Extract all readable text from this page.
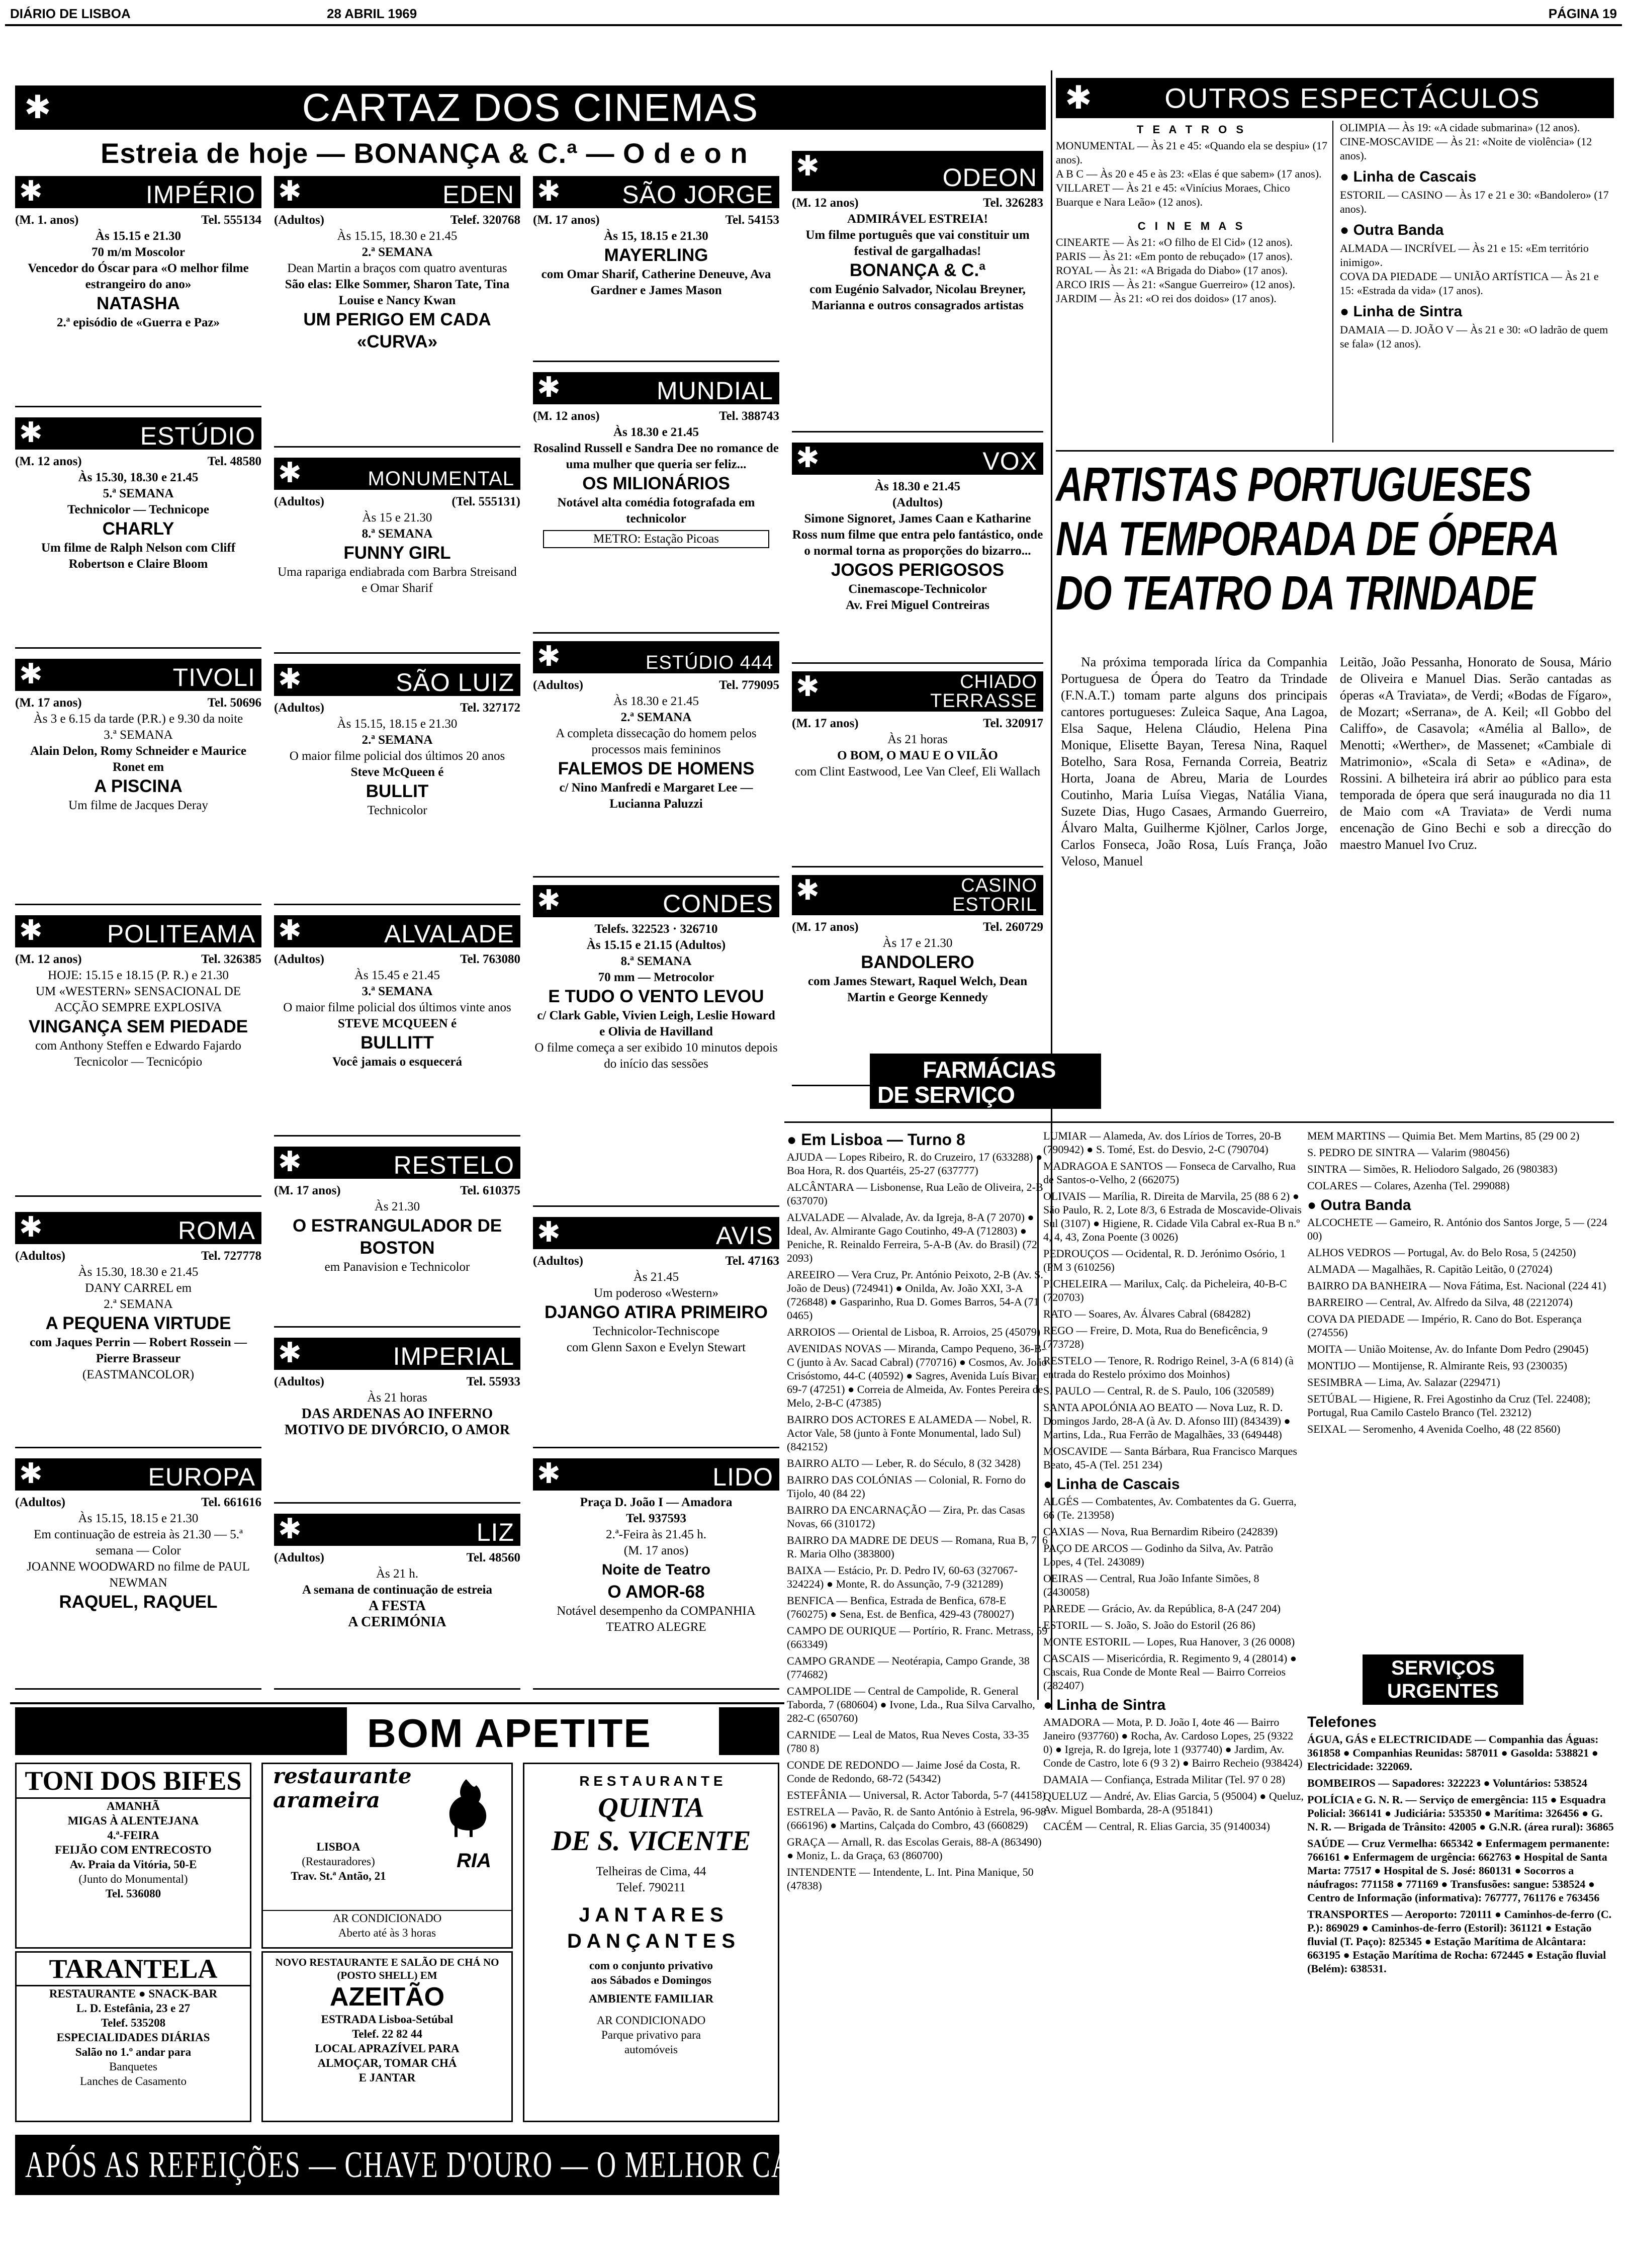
DIÁRIO DE LISBOA	28 ABRIL 1969	PÁGINA 19
✱	CARTAZ DOS CINEMAS
Estreia de hoje — BONANÇA & C.ª — O d e o n
✱	IMPÉRIO
(M. 1. anos)	Tel. 555134
Às 15.15 e 21.30
70 m/m Moscolor
Vencedor do Óscar para «O melhor filme estrangeiro do ano»
NATASHA
2.ª episódio de «Guerra e Paz»
✱	ESTÚDIO
(M. 12 anos)	Tel. 48580
Às 15.30, 18.30 e 21.45
5.ª SEMANA
Technicolor — Technicope
CHARLY
Um filme de Ralph Nelson com Cliff Robertson e Claire Bloom
✱	TIVOLI
(M. 17 anos)	Tel. 50696
Às 3 e 6.15 da tarde (P.R.) e 9.30 da noite
3.ª SEMANA
Alain Delon, Romy Schneider e Maurice Ronet em
A PISCINA
Um filme de Jacques Deray
✱	POLITEAMA
(M. 12 anos)	Tel. 326385
HOJE: 15.15 e 18.15 (P. R.) e 21.30
UM «WESTERN» SENSACIONAL DE ACÇÃO SEMPRE EXPLOSIVA
VINGANÇA SEM PIEDADE
com Anthony Steffen e Edwardo Fajardo
Tecnicolor — Tecnicópio
✱	ROMA
(Adultos)	Tel. 727778
Às 15.30, 18.30 e 21.45
DANY CARREL em
2.ª SEMANA
A PEQUENA VIRTUDE
com Jaques Perrin — Robert Rossein — Pierre Brasseur
(EASTMANCOLOR)
✱	EUROPA
(Adultos)	Tel. 661616
Às 15.15, 18.15 e 21.30
Em continuação de estreia às 21.30 — 5.ª semana — Color
JOANNE WOODWARD no filme de PAUL NEWMAN
RAQUEL, RAQUEL
✱	EDEN
(Adultos)	Telef. 320768
Às 15.15, 18.30 e 21.45
2.ª SEMANA
Dean Martin a braços com quatro aventuras
São elas: Elke Sommer, Sharon Tate, Tina Louise e Nancy Kwan
UM PERIGO EM CADA «CURVA»
✱	MONUMENTAL
(Adultos)	(Tel. 555131)
Às 15 e 21.30
8.ª SEMANA
FUNNY GIRL
Uma rapariga endiabrada com Barbra Streisand e Omar Sharif
✱	SÃO LUIZ
(Adultos)	Tel. 327172
Às 15.15, 18.15 e 21.30
2.ª SEMANA
O maior filme policial dos últimos 20 anos
Steve McQueen é
BULLIT
Technicolor
✱	ALVALADE
(Adultos)	Tel. 763080
Às 15.45 e 21.45
3.ª SEMANA
O maior filme policial dos últimos vinte anos
STEVE MCQUEEN é
BULLITT
Você jamais o esquecerá
✱	RESTELO
(M. 17 anos)	Tel. 610375
Às 21.30
O ESTRANGULADOR DE BOSTON
em Panavision e Technicolor
✱	IMPERIAL
(Adultos)	Tel. 55933
Às 21 horas
DAS ARDENAS AO INFERNO
MOTIVO DE DIVÓRCIO, O AMOR
✱	LIZ
(Adultos)	Tel. 48560
Às 21 h.
A semana de continuação de estreia
A FESTA
A CERIMÓNIA
✱ SÃO JORGE
(M. 17 anos)	Tel. 54153
Às 15, 18.15 e 21.30
MAYERLING
com Omar Sharif, Catherine Deneuve, Ava Gardner e James Mason
✱	MUNDIAL
(M. 12 anos)	Tel. 388743
Às 18.30 e 21.45
Rosalind Russell e Sandra Dee no romance de uma mulher que queria ser feliz...
OS MILIONÁRIOS
Notável alta comédia fotografada em technicolor
METRO: Estação Picoas
✱	ESTÚDIO 444
(Adultos)	Tel. 779095
Às 18.30 e 21.45
2.ª SEMANA
A completa dissecação do homem pelos processos mais femininos
FALEMOS DE HOMENS
c/ Nino Manfredi e Margaret Lee — Lucianna Paluzzi
✱	CONDES
Telefs. 322523 · 326710
Às 15.15 e 21.15 (Adultos)
8.ª SEMANA
70 mm — Metrocolor
E TUDO O VENTO LEVOU
c/ Clark Gable, Vivien Leigh, Leslie Howard e Olivia de Havilland
O filme começa a ser exibido 10 minutos depois do início das sessões
✱	AVIS
(Adultos)	Tel. 47163
Às 21.45
Um poderoso «Western»
DJANGO ATIRA PRIMEIRO
Technicolor-Techniscope
com Glenn Saxon e Evelyn Stewart
✱	LIDO
Praça D. João I — Amadora
Tel. 937593
2.ª-Feira às 21.45 h.
(M. 17 anos)
Noite de Teatro
O AMOR-68
Notável desempenho da COMPANHIA TEATRO ALEGRE
✱	ODEON
(M. 12 anos)	Tel. 326283
ADMIRÁVEL ESTREIA!
Um filme português que vai constituir um festival de gargalhadas!
BONANÇA & C.ª
com Eugénio Salvador, Nicolau Breyner, Marianna e outros consagrados artistas
✱	VOX
Às 18.30 e 21.45
(Adultos)
Simone Signoret, James Caan e Katharine Ross num filme que entra pelo fantástico, onde o normal torna as proporções do bizarro...
JOGOS PERIGOSOS
Cinemascope-Technicolor
Av. Frei Miguel Contreiras
✱	CHIADO TERRASSE
(M. 17 anos)	Tel. 320917
Às 21 horas
O BOM, O MAU E O VILÃO
com Clint Eastwood, Lee Van Cleef, Eli Wallach
✱	CASINO ESTORIL
(M. 17 anos)	Tel. 260729
Às 17 e 21.30
BANDOLERO
com James Stewart, Raquel Welch, Dean Martin e George Kennedy
✱	OUTROS ESPECTÁCULOS
T E A T R O S

MONUMENTAL — Às 21 e 45: «Quando ela se despiu» (17 anos).

A B C — Às 20 e 45 e às 23: «Elas é que sabem» (17 anos).

VILLARET — Às 21 e 45: «Vinícius Moraes, Chico Buarque e Nara Leão» (12 anos).

C I N E M A S

CINEARTE — Às 21: «O filho de El Cid» (12 anos).

PARIS — Às 21: «Em ponto de rebuçado» (17 anos).

ROYAL — Às 21: «A Brigada do Diabo» (17 anos).

ARCO IRIS — Às 21: «Sangue Guerreiro» (12 anos).

JARDIM — Às 21: «O rei dos doidos» (17 anos).

OLIMPIA — Às 19: «A cidade submarina» (12 anos).

CINE-MOSCAVIDE — Às 21: «Noite de violência» (12 anos).

● Linha de Cascais

ESTORIL — CASINO — Às 17 e 21 e 30: «Bandolero» (17 anos).

● Outra Banda

ALMADA — INCRÍVEL — Às 21 e 15: «Em território inimigo».

COVA DA PIEDADE — UNIÃO ARTÍSTICA — Às 21 e 15: «Estrada da vida» (17 anos).

● Linha de Sintra

DAMAIA — D. JOÃO V — Às 21 e 30: «O ladrão de quem se fala» (12 anos).

ARTISTAS PORTUGUESES
NA TEMPORADA DE ÓPERA
DO TEATRO DA TRINDADE
Na próxima temporada lírica da Companhia Portuguesa de Ópera do Teatro da Trindade (F.N.A.T.) tomam parte alguns dos principais cantores portugueses: Zuleica Saque, Ana Lagoa, Elsa Saque, Helena Cláudio, Helena Pina Monique, Elisette Bayan, Teresa Nina, Raquel Botelho, Sara Rosa, Fernanda Correia, Beatriz Horta, Joana de Abreu, Maria de Lourdes Coutinho, Maria Luísa Viegas, Natália Viana, Suzete Dias, Hugo Casaes, Armando Guerreiro, Álvaro Malta, Guilherme Kjölner, Carlos Jorge, Carlos Fonseca, João Rosa, Luís França, João Veloso, Manuel
Leitão, João Pessanha, Honorato de Sousa, Mário de Oliveira e Manuel Dias. Serão cantadas as óperas «A Traviata», de Verdi; «Bodas de Fígaro», de Mozart; «Serrana», de A. Keil; «Il Gobbo del Califfo», de Casavola; «Amélia al Ballo», de Menotti; «Werther», de Massenet; «Cambiale di Matrimonio», «Scala di Seta» e «Adina», de Rossini. A bilheteira irá abrir ao público para esta temporada de ópera que será inaugurada no dia 11 de Maio com «A Traviata» de Verdi numa encenação de Gino Bechi e sob a direcção do maestro Manuel Ivo Cruz.
FARMÁCIAS
DE SERVIÇO
● Em Lisboa — Turno 8

AJUDA — Lopes Ribeiro, R. do Cruzeiro, 17 (633288) ● Boa Hora, R. dos Quartéis, 25-27 (637777)

ALCÂNTARA — Lisbonense, Rua Leão de Oliveira, 2-B (637070)

ALVALADE — Alvalade, Av. da Igreja, 8-A (7 2070) ● Ideal, Av. Almirante Gago Coutinho, 49-A (712803) ● Peniche, R. Reinaldo Ferreira, 5-A-B (Av. do Brasil) (72 2093)

AREEIRO — Vera Cruz, Pr. António Peixoto, 2-B (Av. S. João de Deus) (724941) ● Onilda, Av. João XXI, 3-A (726848) ● Gasparinho, Rua D. Gomes Barros, 54-A (71 0465)

ARROIOS — Oriental de Lisboa, R. Arroios, 25 (45079)

AVENIDAS NOVAS — Miranda, Campo Pequeno, 36-B-C (junto à Av. Sacad Cabral) (770716) ● Cosmos, Av. João Crisóstomo, 44-C (40592) ● Sagres, Avenida Luís Bivar, 69-7 (47251) ● Correia de Almeida, Av. Fontes Pereira de Melo, 2-B-C (47385)

BAIRRO DOS ACTORES E ALAMEDA — Nobel, R. Actor Vale, 58 (junto à Fonte Monumental, lado Sul) (842152)

BAIRRO ALTO — Leber, R. do Século, 8 (32 3428)

BAIRRO DAS COLÓNIAS — Colonial, R. Forno do Tijolo, 40 (84 22)

BAIRRO DA ENCARNAÇÃO — Zira, Pr. das Casas Novas, 66 (310172)

BAIRRO DA MADRE DE DEUS — Romana, Rua B, 7, 6 R. Maria Olho (383800)

BAIXA — Estácio, Pr. D. Pedro IV, 60-63 (327067-324224) ● Monte, R. do Assunção, 7-9 (321289)

BENFICA — Benfica, Estrada de Benfica, 678-E (760275) ● Sena, Est. de Benfica, 429-43 (780027)

CAMPO DE OURIQUE — Portírio, R. Franc. Metrass, 59 (663349)

CAMPO GRANDE — Neotérapia, Campo Grande, 38 (774682)

CAMPOLIDE — Central de Campolide, R. General Taborda, 7 (680604) ● Ivone, Lda., Rua Silva Carvalho, 282-C (650760)

CARNIDE — Leal de Matos, Rua Neves Costa, 33-35 (780 8)

CONDE DE REDONDO — Jaime José da Costa, R. Conde de Redondo, 68-72 (54342)

ESTEFÂNIA — Universal, R. Actor Taborda, 5-7 (44158)

ESTRELA — Pavão, R. de Santo António à Estrela, 96-98 (666196) ● Martins, Calçada do Combro, 43 (660829)

GRAÇA — Arnall, R. das Escolas Gerais, 88-A (863490) ● Moniz, L. da Graça, 63 (860700)

INTENDENTE — Intendente, L. Int. Pina Manique, 50 (47838)

LUMIAR — Alameda, Av. dos Lírios de Torres, 20-B (790942) ● S. Tomé, Est. do Desvio, 2-C (790704)

MADRAGOA E SANTOS — Fonseca de Carvalho, Rua de Santos-o-Velho, 2 (662075)

OLIVAIS — Marília, R. Direita de Marvila, 25 (88 6 2) ● São Paulo, R. 2, Lote 8/3, 6 Estrada de Moscavide-Olivais Sul (3107) ● Higiene, R. Cidade Vila Cabral ex-Rua B n.º 4, 4, 43, Zona Poente (3 0026)

PEDROUÇOS — Ocidental, R. D. Jerónimo Osório, 1 (PM 3 (610256)

PICHELEIRA — Marilux, Calç. da Picheleira, 40-B-C (720703)

RATO — Soares, Av. Álvares Cabral (684282)

REGO — Freire, D. Mota, Rua do Beneficência, 9 (773728)

RESTELO — Tenore, R. Rodrigo Reinel, 3-A (6 814) (à entrada do Restelo próximo dos Moinhos)

S. PAULO — Central, R. de S. Paulo, 106 (320589)

SANTA APOLÓNIA AO BEATO — Nova Luz, R. D. Domingos Jardo, 28-A (à Av. D. Afonso III) (843439) ● Martins, Lda., Rua Ferrão de Magalhães, 33 (649448)

MOSCAVIDE — Santa Bárbara, Rua Francisco Marques Beato, 45-A (Tel. 251 234)

● Linha de Cascais

ALGÉS — Combatentes, Av. Combatentes da G. Guerra, 66 (Te. 213958)

CAXIAS — Nova, Rua Bernardim Ribeiro (242839)

PAÇO DE ARCOS — Godinho da Silva, Av. Patrão Lopes, 4 (Tel. 243089)

OEIRAS — Central, Rua João Infante Simões, 8 (2430058)

PAREDE — Grácio, Av. da República, 8-A (247 204)

ESTORIL — S. João, S. João do Estoril (26 86)

MONTE ESTORIL — Lopes, Rua Hanover, 3 (26 0008)

CASCAIS — Misericórdia, R. Regimento 9, 4 (28014) ● Cascais, Rua Conde de Monte Real — Bairro Correios (282407)

● Linha de Sintra

AMADORA — Mota, P. D. João I, 4ote 46 — Bairro Janeiro (937760) ● Rocha, Av. Cardoso Lopes, 25 (9322 0) ● Igreja, R. do Igreja, lote 1 (937740) ● Jardim, Av. Conde de Castro, lote 6 (9 3 2) ● Bairro Recheio (938424)

DAMAIA — Confiança, Estrada Militar (Tel. 97 0 28)

QUELUZ — André, Av. Elias Garcia, 5 (95004) ● Queluz, Av. Miguel Bombarda, 28-A (951841)

CACÉM — Central, R. Elias Garcia, 35 (9140034)

MEM MARTINS — Quimia Bet. Mem Martins, 85 (29 00 2)

S. PEDRO DE SINTRA — Valarim (980456)

SINTRA — Simões, R. Heliodoro Salgado, 26 (980383)

COLARES — Colares, Azenha (Tel. 299088)

● Outra Banda

ALCOCHETE — Gameiro, R. António dos Santos Jorge, 5 — (224 00)

ALHOS VEDROS — Portugal, Av. do Belo Rosa, 5 (24250)

ALMADA — Magalhães, R. Capitão Leitão, 0 (27024)

BAIRRO DA BANHEIRA — Nova Fátima, Est. Nacional (224 41)

BARREIRO — Central, Av. Alfredo da Silva, 48 (2212074)

COVA DA PIEDADE — Império, R. Cano do Bot. Esperança (274556)

MOITA — União Moitense, Av. do Infante Dom Pedro (29045)

MONTIJO — Montijense, R. Almirante Reis, 93 (230035)

SESIMBRA — Lima, Av. Salazar (229471)

SETÚBAL — Higiene, R. Frei Agostinho da Cruz (Tel. 22408); Portugal, Rua Camilo Castelo Branco (Tel. 23212)

SEIXAL — Seromenho, 4 Avenida Coelho, 48 (22 8560)

SERVIÇOS
URGENTES
Telefones

ÁGUA, GÁS e ELECTRICIDADE — Companhia das Águas: 361858 ● Companhias Reunidas: 587011 ● Gasolda: 538821 ● Electricidade: 322069.

BOMBEIROS — Sapadores: 322223 ● Voluntários: 538524

POLÍCIA e G. N. R. — Serviço de emergência: 115 ● Esquadra Policial: 366141 ● Judiciária: 535350 ● Marítima: 326456 ● G. N. R. — Brigada de Trânsito: 42005 ● G.N.R. (área rural): 36865

SAÚDE — Cruz Vermelha: 665342 ● Enfermagem permanente: 766161 ● Enfermagem de urgência: 662763 ● Hospital de Santa Marta: 77517 ● Hospital de S. José: 860131 ● Socorros a náufragos: 771158 ● 771169 ● Transfusões: sangue: 538524 ● Centro de Informação (informativa): 767777, 761176 e 763456

TRANSPORTES — Aeroporto: 720111 ● Caminhos-de-ferro (C. P.): 869029 ● Caminhos-de-ferro (Estoril): 361121 ● Estação fluvial (T. Paço): 825345 ● Estação Marítima de Alcântara: 663195 ● Estação Marítima de Rocha: 672445 ● Estação fluvial (Belém): 638531.

BOM APETITE
TONI DOS BIFES
AMANHÃ
MIGAS À ALENTEJANA
4.ª-FEIRA
FEIJÃO COM ENTRECOSTO
Av. Praia da Vitória, 50-E
(Junto do Monumental)
Tel. 536080
TARANTELA
RESTAURANTE ● SNACK-BAR
L. D. Estefânia, 23 e 27
Telef. 535208
ESPECIALIDADES DIÁRIAS
Salão no 1.º andar para
Banquetes
Lanches de Casamento
restaurante
arameira
RIA
LISBOA
(Restauradores)
Trav. St.ª Antão, 21
AR CONDICIONADO
Aberto até às 3 horas
NOVO RESTAURANTE E SALÃO DE CHÁ NO (POSTO SHELL) EM
AZEITÃO
ESTRADA Lisboa-Setúbal
Telef. 22 82 44
LOCAL APRAZÍVEL PARA
ALMOÇAR, TOMAR CHÁ
E JANTAR
R E S T A U R A N T E
QUINTA
DE S. VICENTE
Telheiras de Cima, 44
Telef. 790211
J A N T A R E S
D A N Ç A N T E S
com o conjunto privativo
aos Sábados e Domingos
AMBIENTE FAMILIAR
AR CONDICIONADO
Parque privativo para
automóveis
APÓS AS REFEIÇÕES — CHAVE D'OURO — O MELHOR CAFÉ
